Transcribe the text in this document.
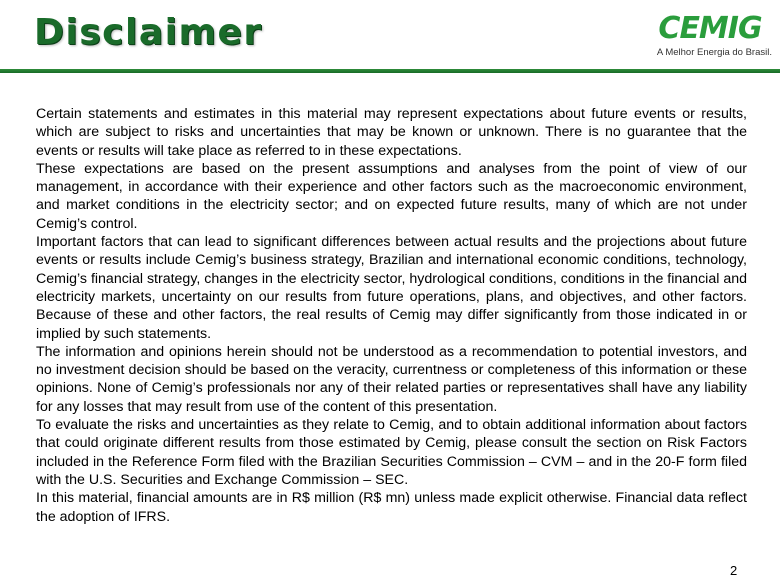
Disclaimer	CEMIG
A Melhor Energia do Brasil.

Certain statements and estimates in this material may represent expectations about future events or results, which are subject to risks and uncertainties that may be known or unknown. There is no guarantee that the events or results will take place as referred to in these expectations.

These expectations are based on the present assumptions and analyses from the point of view of our management, in accordance with their experience and other factors such as the macroeconomic environment, and market conditions in the electricity sector; and on expected future results, many of which are not under Cemig’s control.

Important factors that can lead to significant differences between actual results and the projections about future events or results include Cemig’s business strategy, Brazilian and international economic conditions, technology, Cemig’s financial strategy, changes in the electricity sector, hydrological conditions, conditions in the financial and electricity markets, uncertainty on our results from future operations, plans, and objectives, and other factors. Because of these and other factors, the real results of Cemig may differ significantly from those indicated in or implied by such statements.

The information and opinions herein should not be understood as a recommendation to potential investors, and no investment decision should be based on the veracity, currentness or completeness of this information or these opinions. None of Cemig’s professionals nor any of their related parties or representatives shall have any liability for any losses that may result from use of the content of this presentation.

To evaluate the risks and uncertainties as they relate to Cemig, and to obtain additional information about factors that could originate different results from those estimated by Cemig, please consult the section on Risk Factors included in the Reference Form filed with the Brazilian Securities Commission – CVM – and in the 20-F form filed with the U.S. Securities and Exchange Commission – SEC.

In this material, financial amounts are in R$ million (R$ mn) unless made explicit otherwise. Financial data reflect the adoption of IFRS.

2
